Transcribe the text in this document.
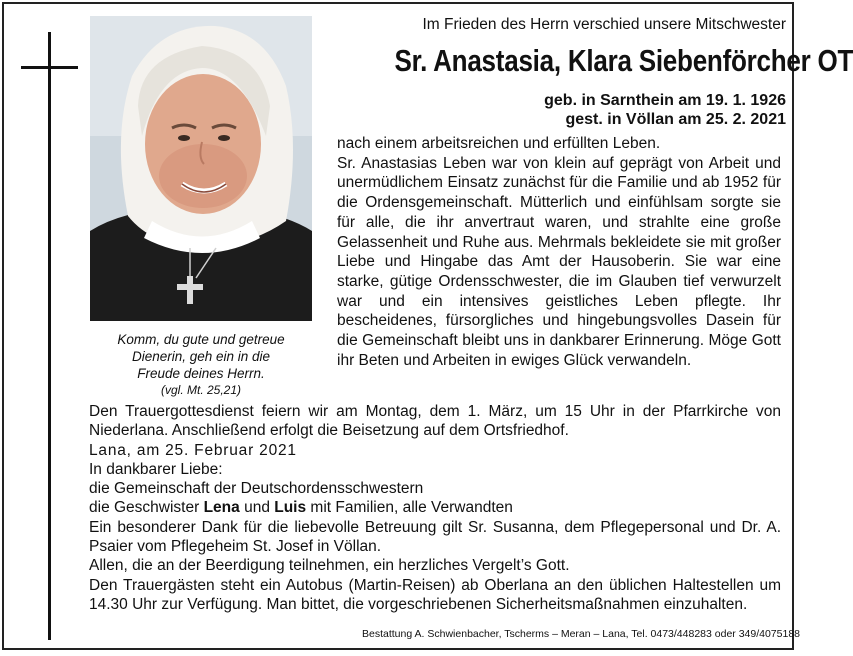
Komm, du gute und getreue
Dienerin, geh ein in die
Freude deines Herrn.

(vgl. Mt. 25,21)
Im Frieden des Herrn verschied unsere Mitschwester
Sr. Anastasia, Klara Siebenförcher OT
geb. in Sarnthein am 19. 1. 1926
gest. in Völlan am 25. 2. 2021

nach einem arbeitsreichen und erfüllten Leben.

Sr. Anastasias Leben war von klein auf geprägt von Arbeit und unermüdlichem Einsatz zunächst für die Familie und ab 1952 für die Ordensgemeinschaft. Mütterlich und einfühlsam sorgte sie für alle, die ihr anvertraut waren, und strahlte eine große Gelassenheit und Ruhe aus. Mehrmals bekleidete sie mit großer Liebe und Hingabe das Amt der Hausoberin. Sie war eine starke, gütige Ordensschwester, die im Glauben tief verwurzelt war und ein intensives geistliches Leben pflegte. Ihr bescheidenes, fürsorgliches und hingebungsvolles Dasein für die Gemeinschaft bleibt uns in dankbarer Erinnerung. Möge Gott ihr Beten und Arbeiten in ewiges Glück verwandeln.

Den Trauergottesdienst feiern wir am Montag, dem 1. März, um 15 Uhr in der Pfarrkirche von Niederlana. Anschließend erfolgt die Beisetzung auf dem Ortsfriedhof.

Lana, am 25. Februar 2021

In dankbarer Liebe:

die Gemeinschaft der Deutschordensschwestern

die Geschwister Lena und Luis mit Familien, alle Verwandten

Ein besonderer Dank für die liebevolle Betreuung gilt Sr. Susanna, dem Pflegepersonal und Dr. A. Psaier vom Pflegeheim St. Josef in Völlan.

Allen, die an der Beerdigung teilnehmen, ein herzliches Vergelt’s Gott.

Den Trauergästen steht ein Autobus (Martin-Reisen) ab Oberlana an den üblichen Haltestellen um 14.30 Uhr zur Verfügung. Man bittet, die vorgeschriebenen Sicherheitsmaßnahmen einzuhalten.

Bestattung A. Schwienbacher, Tscherms – Meran – Lana, Tel. 0473/448283 oder 349/4075188
